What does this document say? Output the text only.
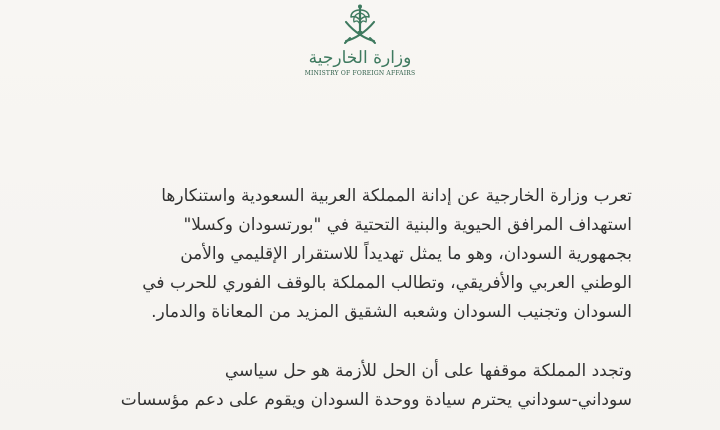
وزارة الخارجية
MINISTRY OF FOREIGN AFFAIRS

تعرب وزارة الخارجية عن إدانة المملكة العربية السعودية واستنكارها
استهداف المرافق الحيوية والبنية التحتية في "بورتسودان وكسلا"
بجمهورية السودان، وهو ما يمثل تهديداً للاستقرار الإقليمي والأمن
الوطني العربي والأفريقي، وتطالب المملكة بالوقف الفوري للحرب في
السودان وتجنيب السودان وشعبه الشقيق المزيد من المعاناة والدمار.

وتجدد المملكة موقفها على أن الحل للأزمة هو حل سياسي
سوداني-سوداني يحترم سيادة ووحدة السودان ويقوم على دعم مؤسسات
